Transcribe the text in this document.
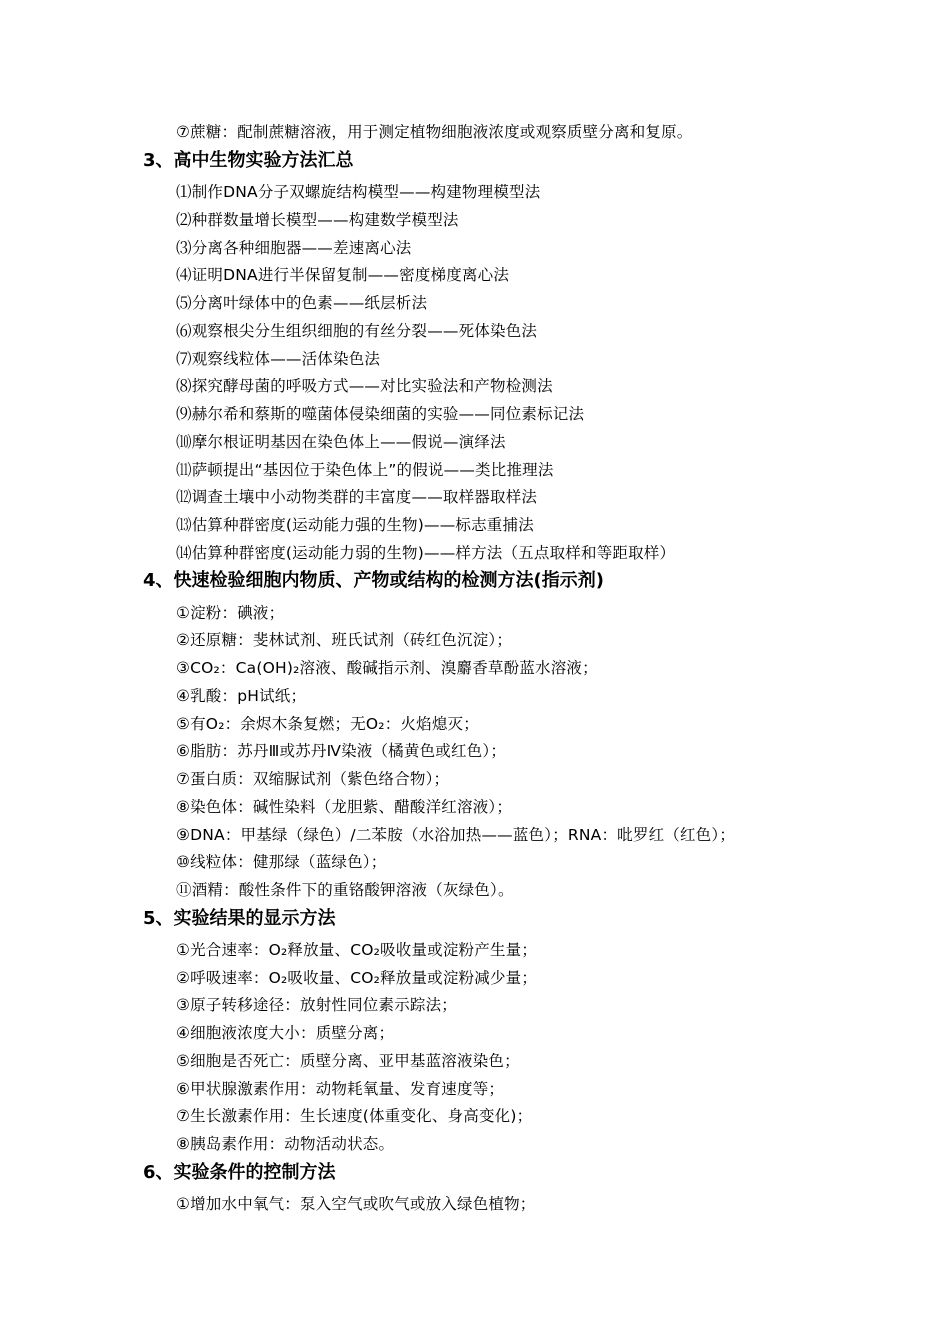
⑦蔗糖：配制蔗糖溶液，用于测定植物细胞液浓度或观察质壁分离和复原。
3、高中生物实验方法汇总
⑴制作DNA分子双螺旋结构模型——构建物理模型法
⑵种群数量增长模型——构建数学模型法
⑶分离各种细胞器——差速离心法
⑷证明DNA进行半保留复制——密度梯度离心法
⑸分离叶绿体中的色素——纸层析法
⑹观察根尖分生组织细胞的有丝分裂——死体染色法
⑺观察线粒体——活体染色法
⑻探究酵母菌的呼吸方式——对比实验法和产物检测法
⑼赫尔希和蔡斯的噬菌体侵染细菌的实验——同位素标记法
⑽摩尔根证明基因在染色体上——假说—演绎法
⑾萨顿提出“基因位于染色体上”的假说——类比推理法
⑿调查土壤中小动物类群的丰富度——取样器取样法
⒀估算种群密度(运动能力强的生物)——标志重捕法
⒁估算种群密度(运动能力弱的生物)——样方法（五点取样和等距取样）
4、快速检验细胞内物质、产物或结构的检测方法(指示剂)
①淀粉：碘液；
②还原糖：斐林试剂、班氏试剂（砖红色沉淀）；
③CO₂：Ca(OH)₂溶液、酸碱指示剂、溴麝香草酚蓝水溶液；
④乳酸：pH试纸；
⑤有O₂：余烬木条复燃；无O₂：火焰熄灭；
⑥脂肪：苏丹Ⅲ或苏丹Ⅳ染液（橘黄色或红色）；
⑦蛋白质：双缩脲试剂（紫色络合物）；
⑧染色体：碱性染料（龙胆紫、醋酸洋红溶液）；
⑨DNA：甲基绿（绿色）/二苯胺（水浴加热——蓝色）；RNA：吡罗红（红色）；
⑩线粒体：健那绿（蓝绿色）；
⑪酒精：酸性条件下的重铬酸钾溶液（灰绿色）。
5、实验结果的显示方法
①光合速率：O₂释放量、CO₂吸收量或淀粉产生量；
②呼吸速率：O₂吸收量、CO₂释放量或淀粉减少量；
③原子转移途径：放射性同位素示踪法；
④细胞液浓度大小：质壁分离；
⑤细胞是否死亡：质壁分离、亚甲基蓝溶液染色；
⑥甲状腺激素作用：动物耗氧量、发育速度等；
⑦生长激素作用：生长速度(体重变化、身高变化)；
⑧胰岛素作用：动物活动状态。
6、实验条件的控制方法
①增加水中氧气：泵入空气或吹气或放入绿色植物；
